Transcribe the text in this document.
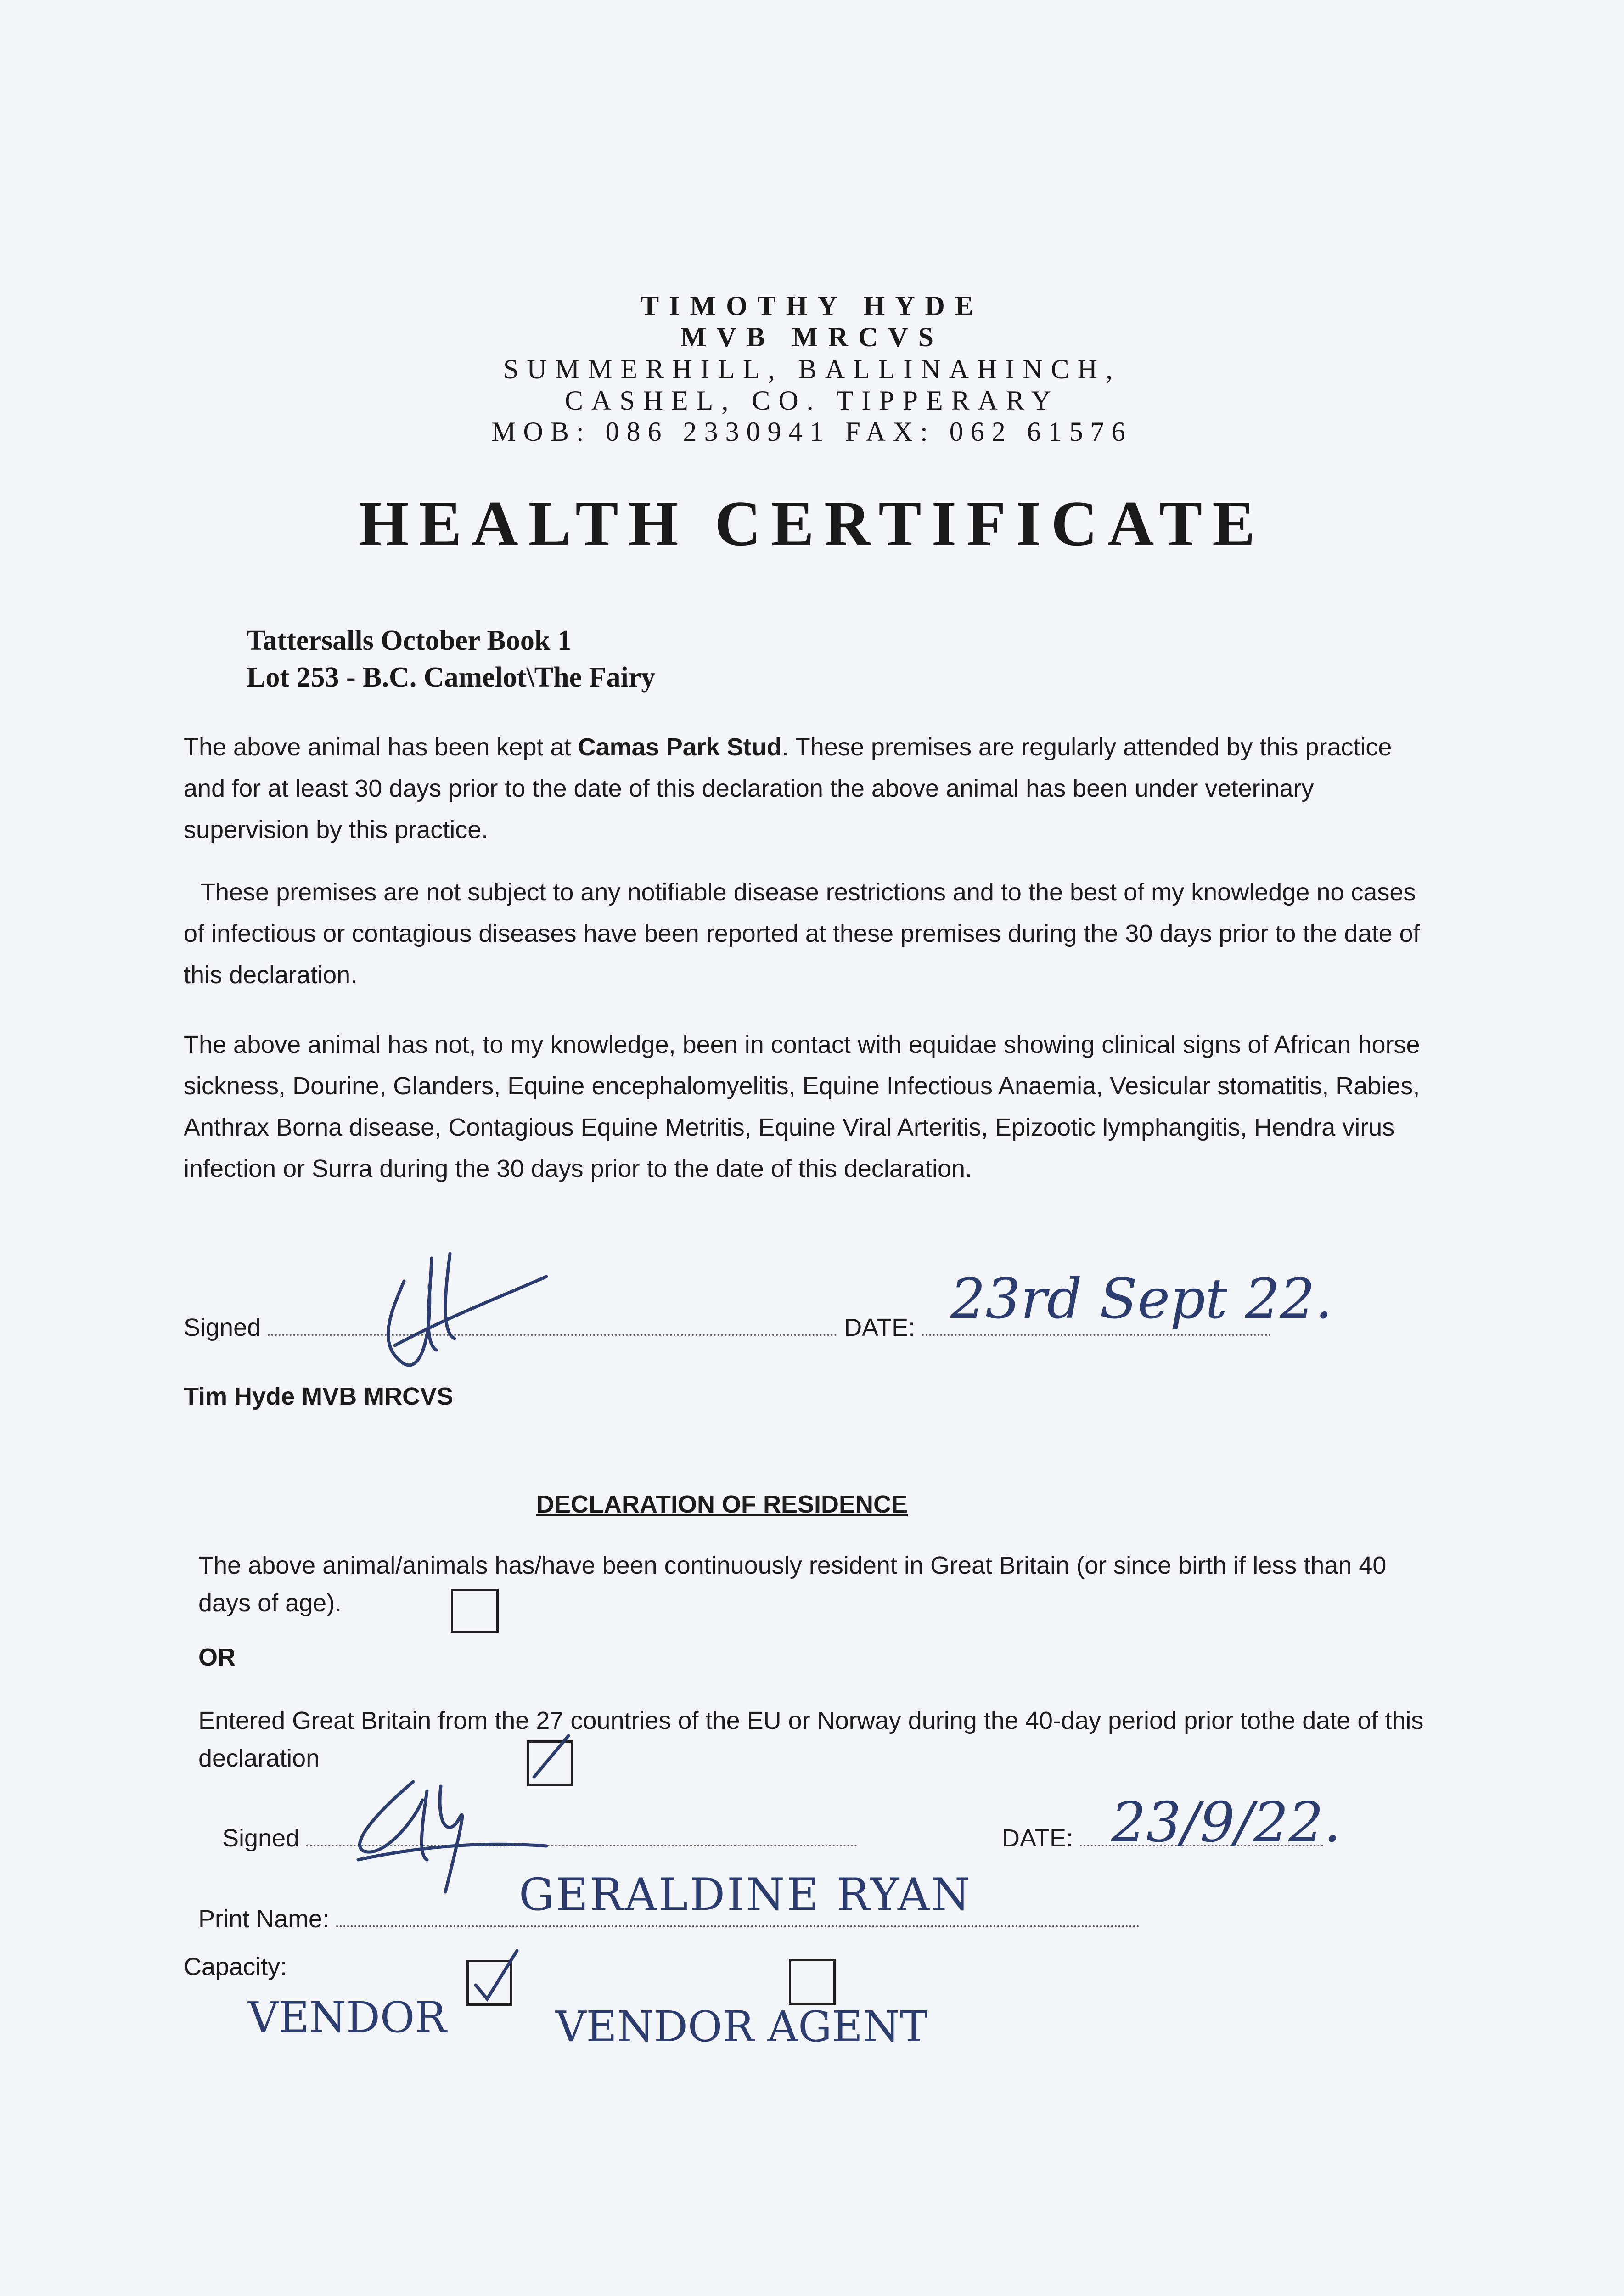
TIMOTHY HYDE

MVB MRCVS

SUMMERHILL, BALLINAHINCH,

CASHEL, CO. TIPPERARY

MOB: 086 2330941 FAX: 062 61576

HEALTH CERTIFICATE

Tattersalls October Book 1

Lot 253 - B.C. Camelot\The Fairy

The above animal has been kept at Camas Park Stud. These premises are regularly attended by this practice and for at least 30 days prior to the date of this declaration the above animal has been under veterinary supervision by this practice.

These premises are not subject to any notifiable disease restrictions and to the best of my knowledge no cases of infectious or contagious diseases have been reported at these premises during the 30 days prior to the date of this declaration.

The above animal has not, to my knowledge, been in contact with equidae showing clinical signs of African horse sickness, Dourine, Glanders, Equine encephalomyelitis, Equine Infectious Anaemia, Vesicular stomatitis, Rabies, Anthrax Borna disease, Contagious Equine Metritis, Equine Viral Arteritis, Epizootic lymphangitis, Hendra virus infection or Surra during the 30 days prior to the date of this declaration.

Signed	DATE: 23rd Sept 22.

Tim Hyde MVB MRCVS

DECLARATION OF RESIDENCE

The above animal/animals has/have been continuously resident in Great Britain (or since birth if less than 40 days of age).

OR

Entered Great Britain from the 27 countries of the EU or Norway during the 40-day period prior tothe date of this declaration

Signed	DATE: 23/9/22.
Print Name:	GERALDINE RYAN

Capacity:

VENDOR	VENDOR AGENT
